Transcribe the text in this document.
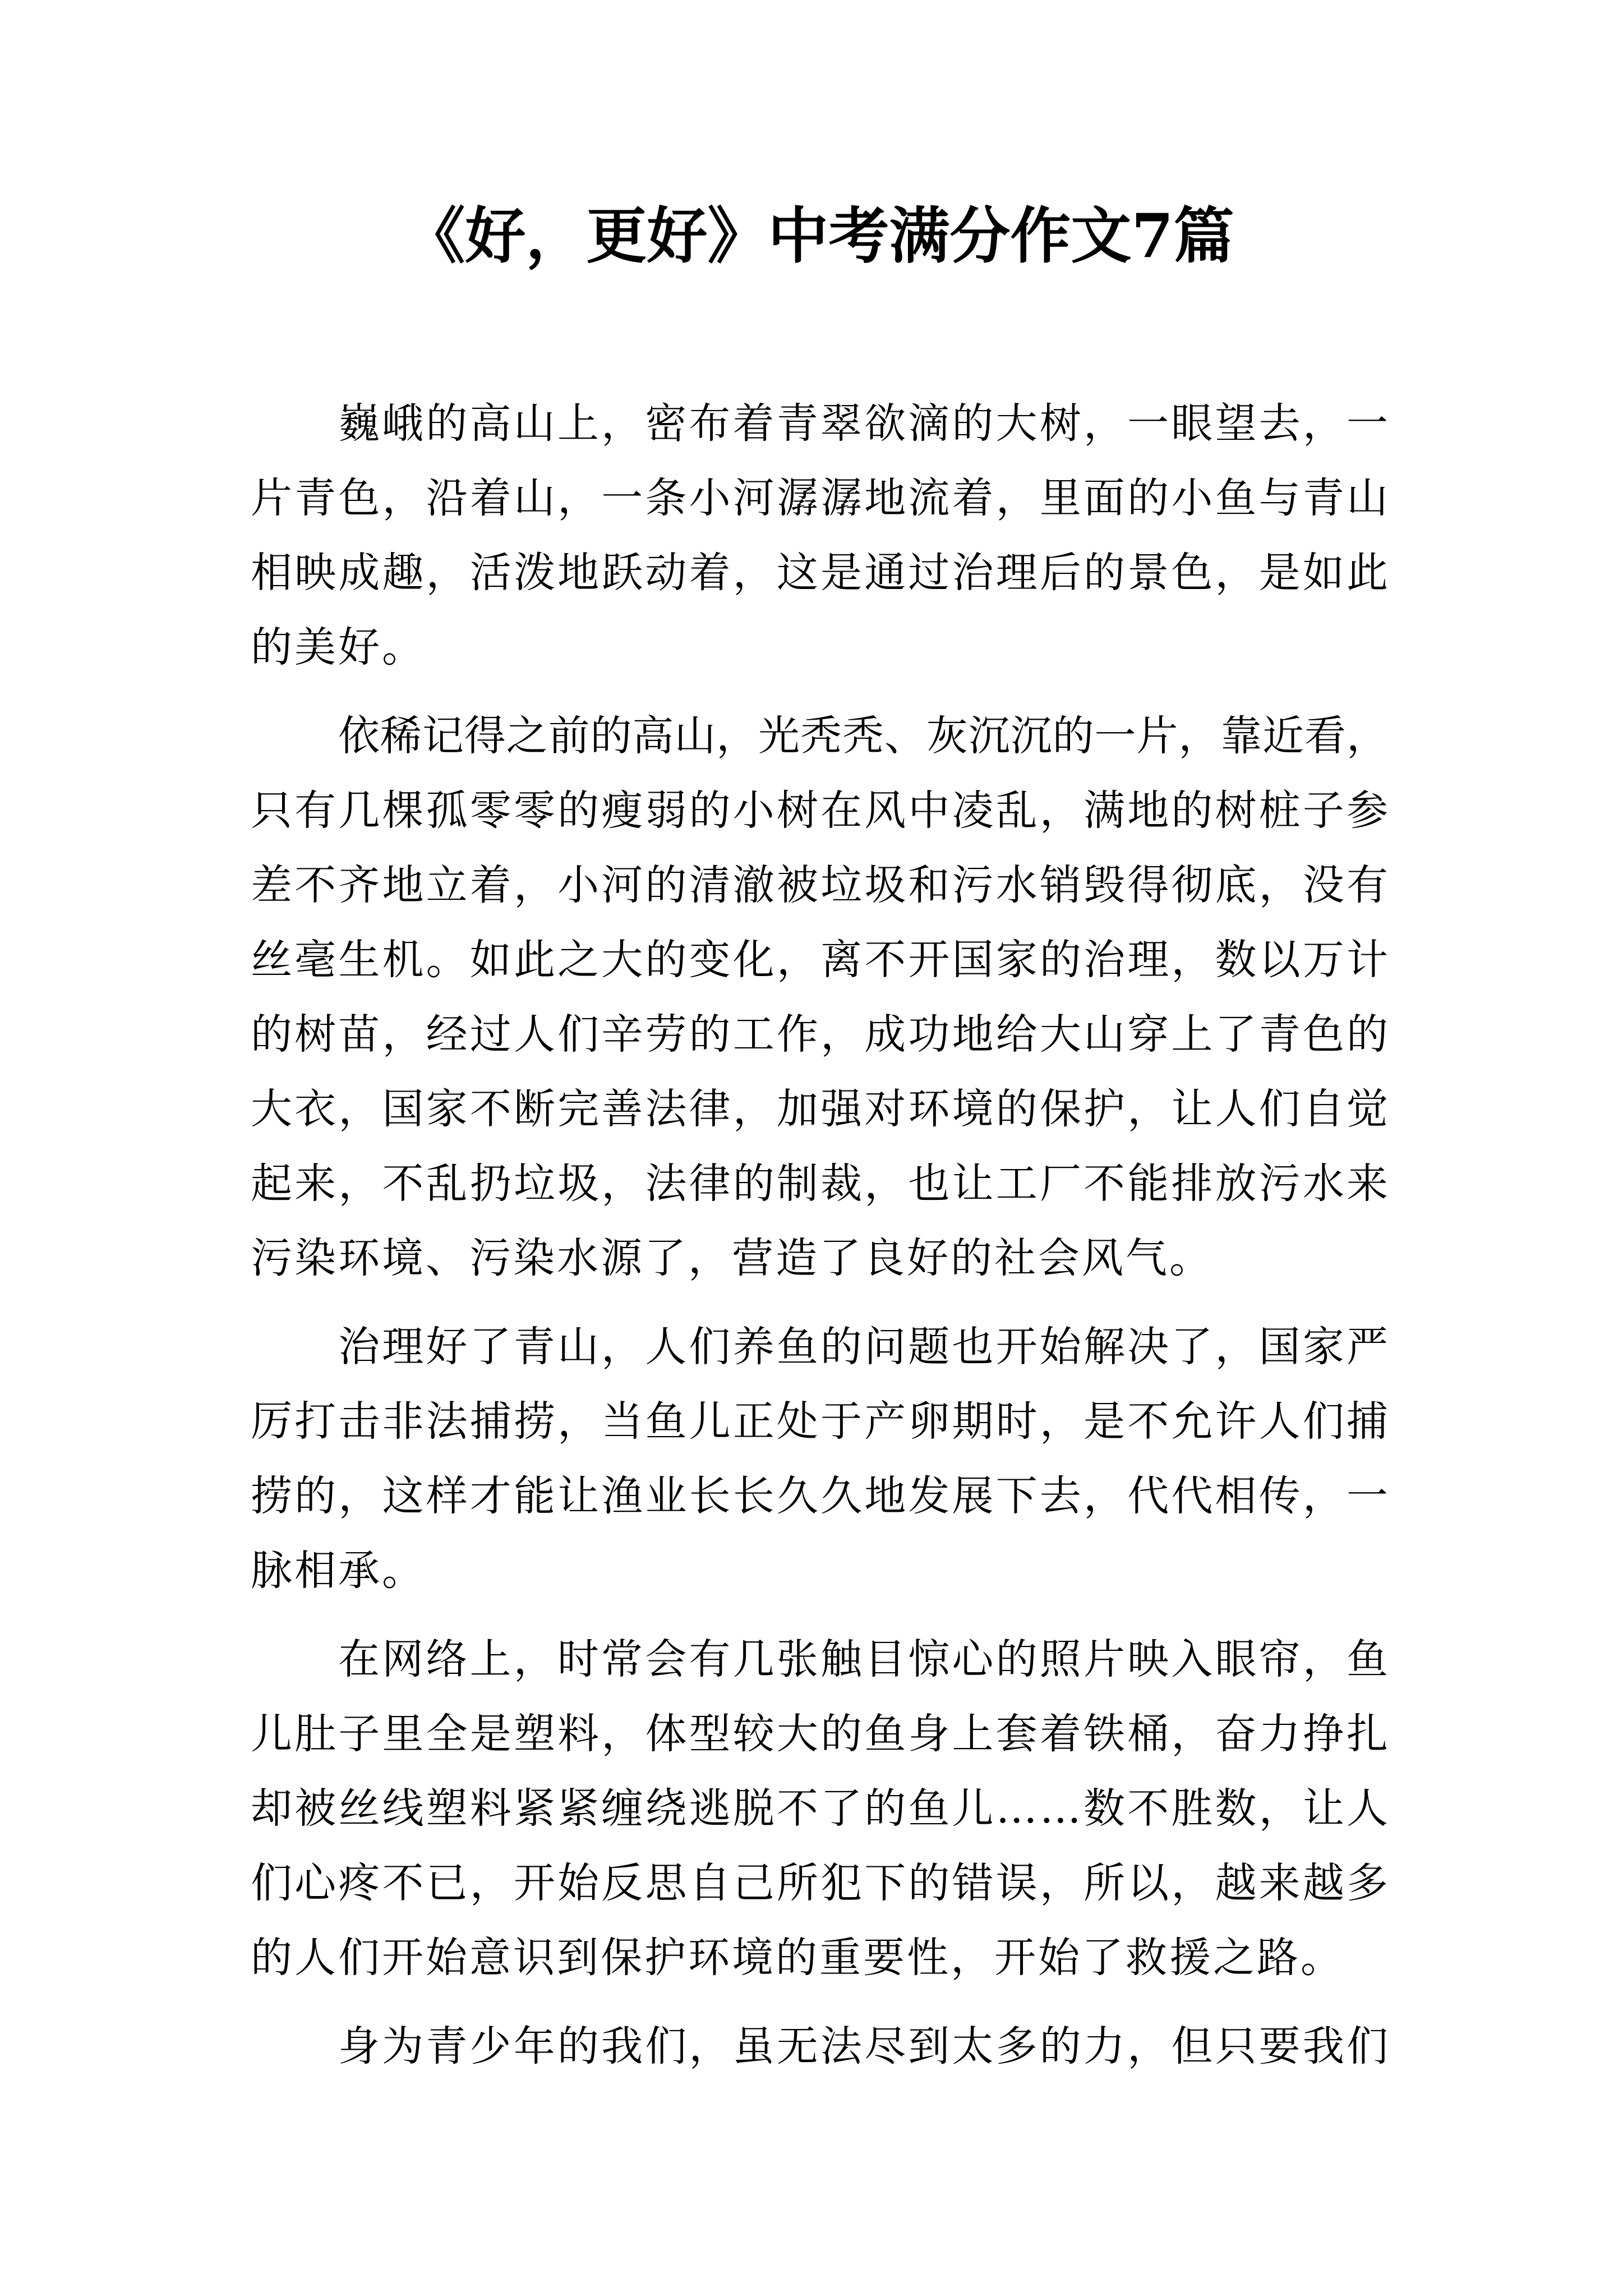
《好，更好》中考满分作文7篇
巍峨的高山上，密布着青翠欲滴的大树，一眼望去，一
片青色，沿着山，一条小河潺潺地流着，里面的小鱼与青山
相映成趣，活泼地跃动着，这是通过治理后的景色，是如此
的美好。
依稀记得之前的高山，光秃秃、灰沉沉的一片，靠近看，
只有几棵孤零零的瘦弱的小树在风中凌乱，满地的树桩子参
差不齐地立着，小河的清澈被垃圾和污水销毁得彻底，没有
丝毫生机。如此之大的变化，离不开国家的治理，数以万计
的树苗，经过人们辛劳的工作，成功地给大山穿上了青色的
大衣，国家不断完善法律，加强对环境的保护，让人们自觉
起来，不乱扔垃圾，法律的制裁，也让工厂不能排放污水来
污染环境、污染水源了，营造了良好的社会风气。
治理好了青山，人们养鱼的问题也开始解决了，国家严
厉打击非法捕捞，当鱼儿正处于产卵期时，是不允许人们捕
捞的，这样才能让渔业长长久久地发展下去，代代相传，一
脉相承。
在网络上，时常会有几张触目惊心的照片映入眼帘，鱼
儿肚子里全是塑料，体型较大的鱼身上套着铁桶，奋力挣扎
却被丝线塑料紧紧缠绕逃脱不了的鱼儿……数不胜数，让人
们心疼不已，开始反思自己所犯下的错误，所以，越来越多
的人们开始意识到保护环境的重要性，开始了救援之路。
身为青少年的我们，虽无法尽到太多的力，但只要我们
